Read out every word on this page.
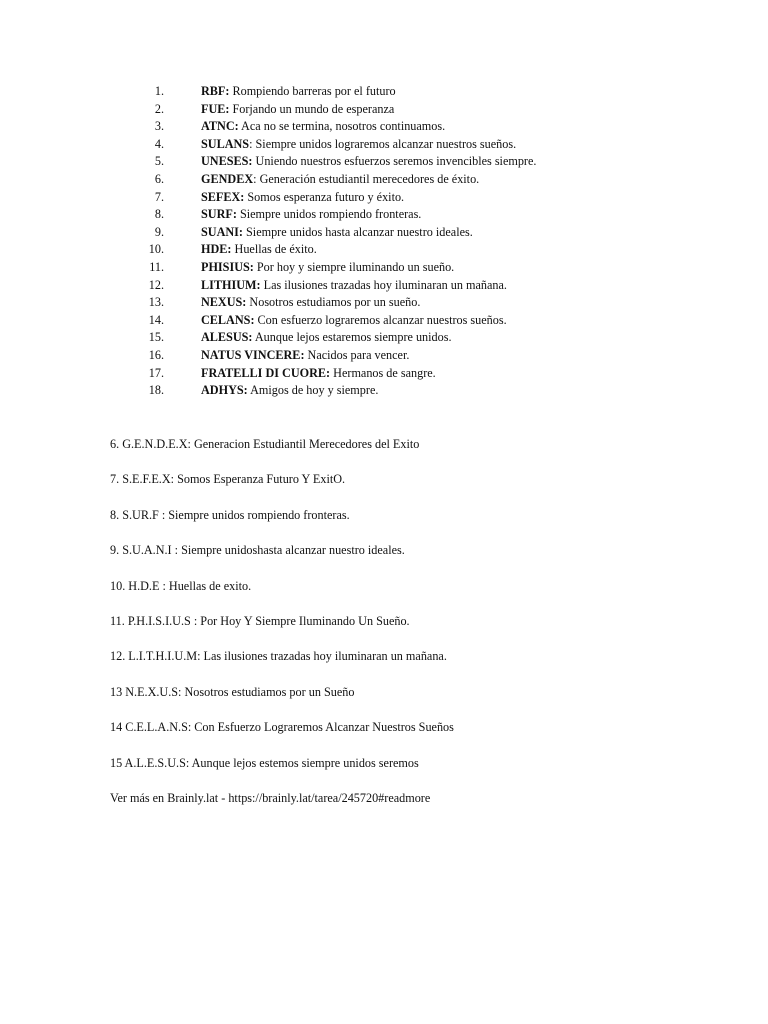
1.	RBF: Rompiendo barreras por el futuro
2.	FUE: Forjando un mundo de esperanza
3.	ATNC: Aca no se termina, nosotros continuamos.
4.	SULANS: Siempre unidos lograremos alcanzar nuestros sueños.
5.	UNESES: Uniendo nuestros esfuerzos seremos invencibles siempre.
6.	GENDEX: Generación estudiantil merecedores de éxito.
7.	SEFEX: Somos esperanza futuro y éxito.
8.	SURF: Siempre unidos rompiendo fronteras.
9.	SUANI: Siempre unidos hasta alcanzar nuestro ideales.
10.	HDE: Huellas de éxito.
11.	PHISIUS: Por hoy y siempre iluminando un sueño.
12.	LITHIUM: Las ilusiones trazadas hoy iluminaran un mañana.
13.	NEXUS: Nosotros estudiamos por un sueño.
14.	CELANS: Con esfuerzo lograremos alcanzar nuestros sueños.
15.	ALESUS: Aunque lejos estaremos siempre unidos.
16.	NATUS VINCERE: Nacidos para vencer.
17.	FRATELLI DI CUORE: Hermanos de sangre.
18.	ADHYS: Amigos de hoy y siempre.

6. G.E.N.D.E.X: Generacion Estudiantil Merecedores del Exito

7. S.E.F.E.X: Somos Esperanza Futuro Y ExitO.

8. S.UR.F : Siempre unidos rompiendo fronteras.

9. S.U.A.N.I : Siempre unidoshasta alcanzar nuestro ideales.

10. H.D.E : Huellas de exito.

11. P.H.I.S.I.U.S : Por Hoy Y Siempre Iluminando Un Sueño.

12. L.I.T.H.I.U.M: Las ilusiones trazadas hoy iluminaran un mañana.

13 N.E.X.U.S: Nosotros estudiamos por un Sueño

14 C.E.L.A.N.S: Con Esfuerzo Lograremos Alcanzar Nuestros Sueños

15 A.L.E.S.U.S: Aunque lejos estemos siempre unidos seremos

Ver más en Brainly.lat - https://brainly.lat/tarea/245720#readmore
